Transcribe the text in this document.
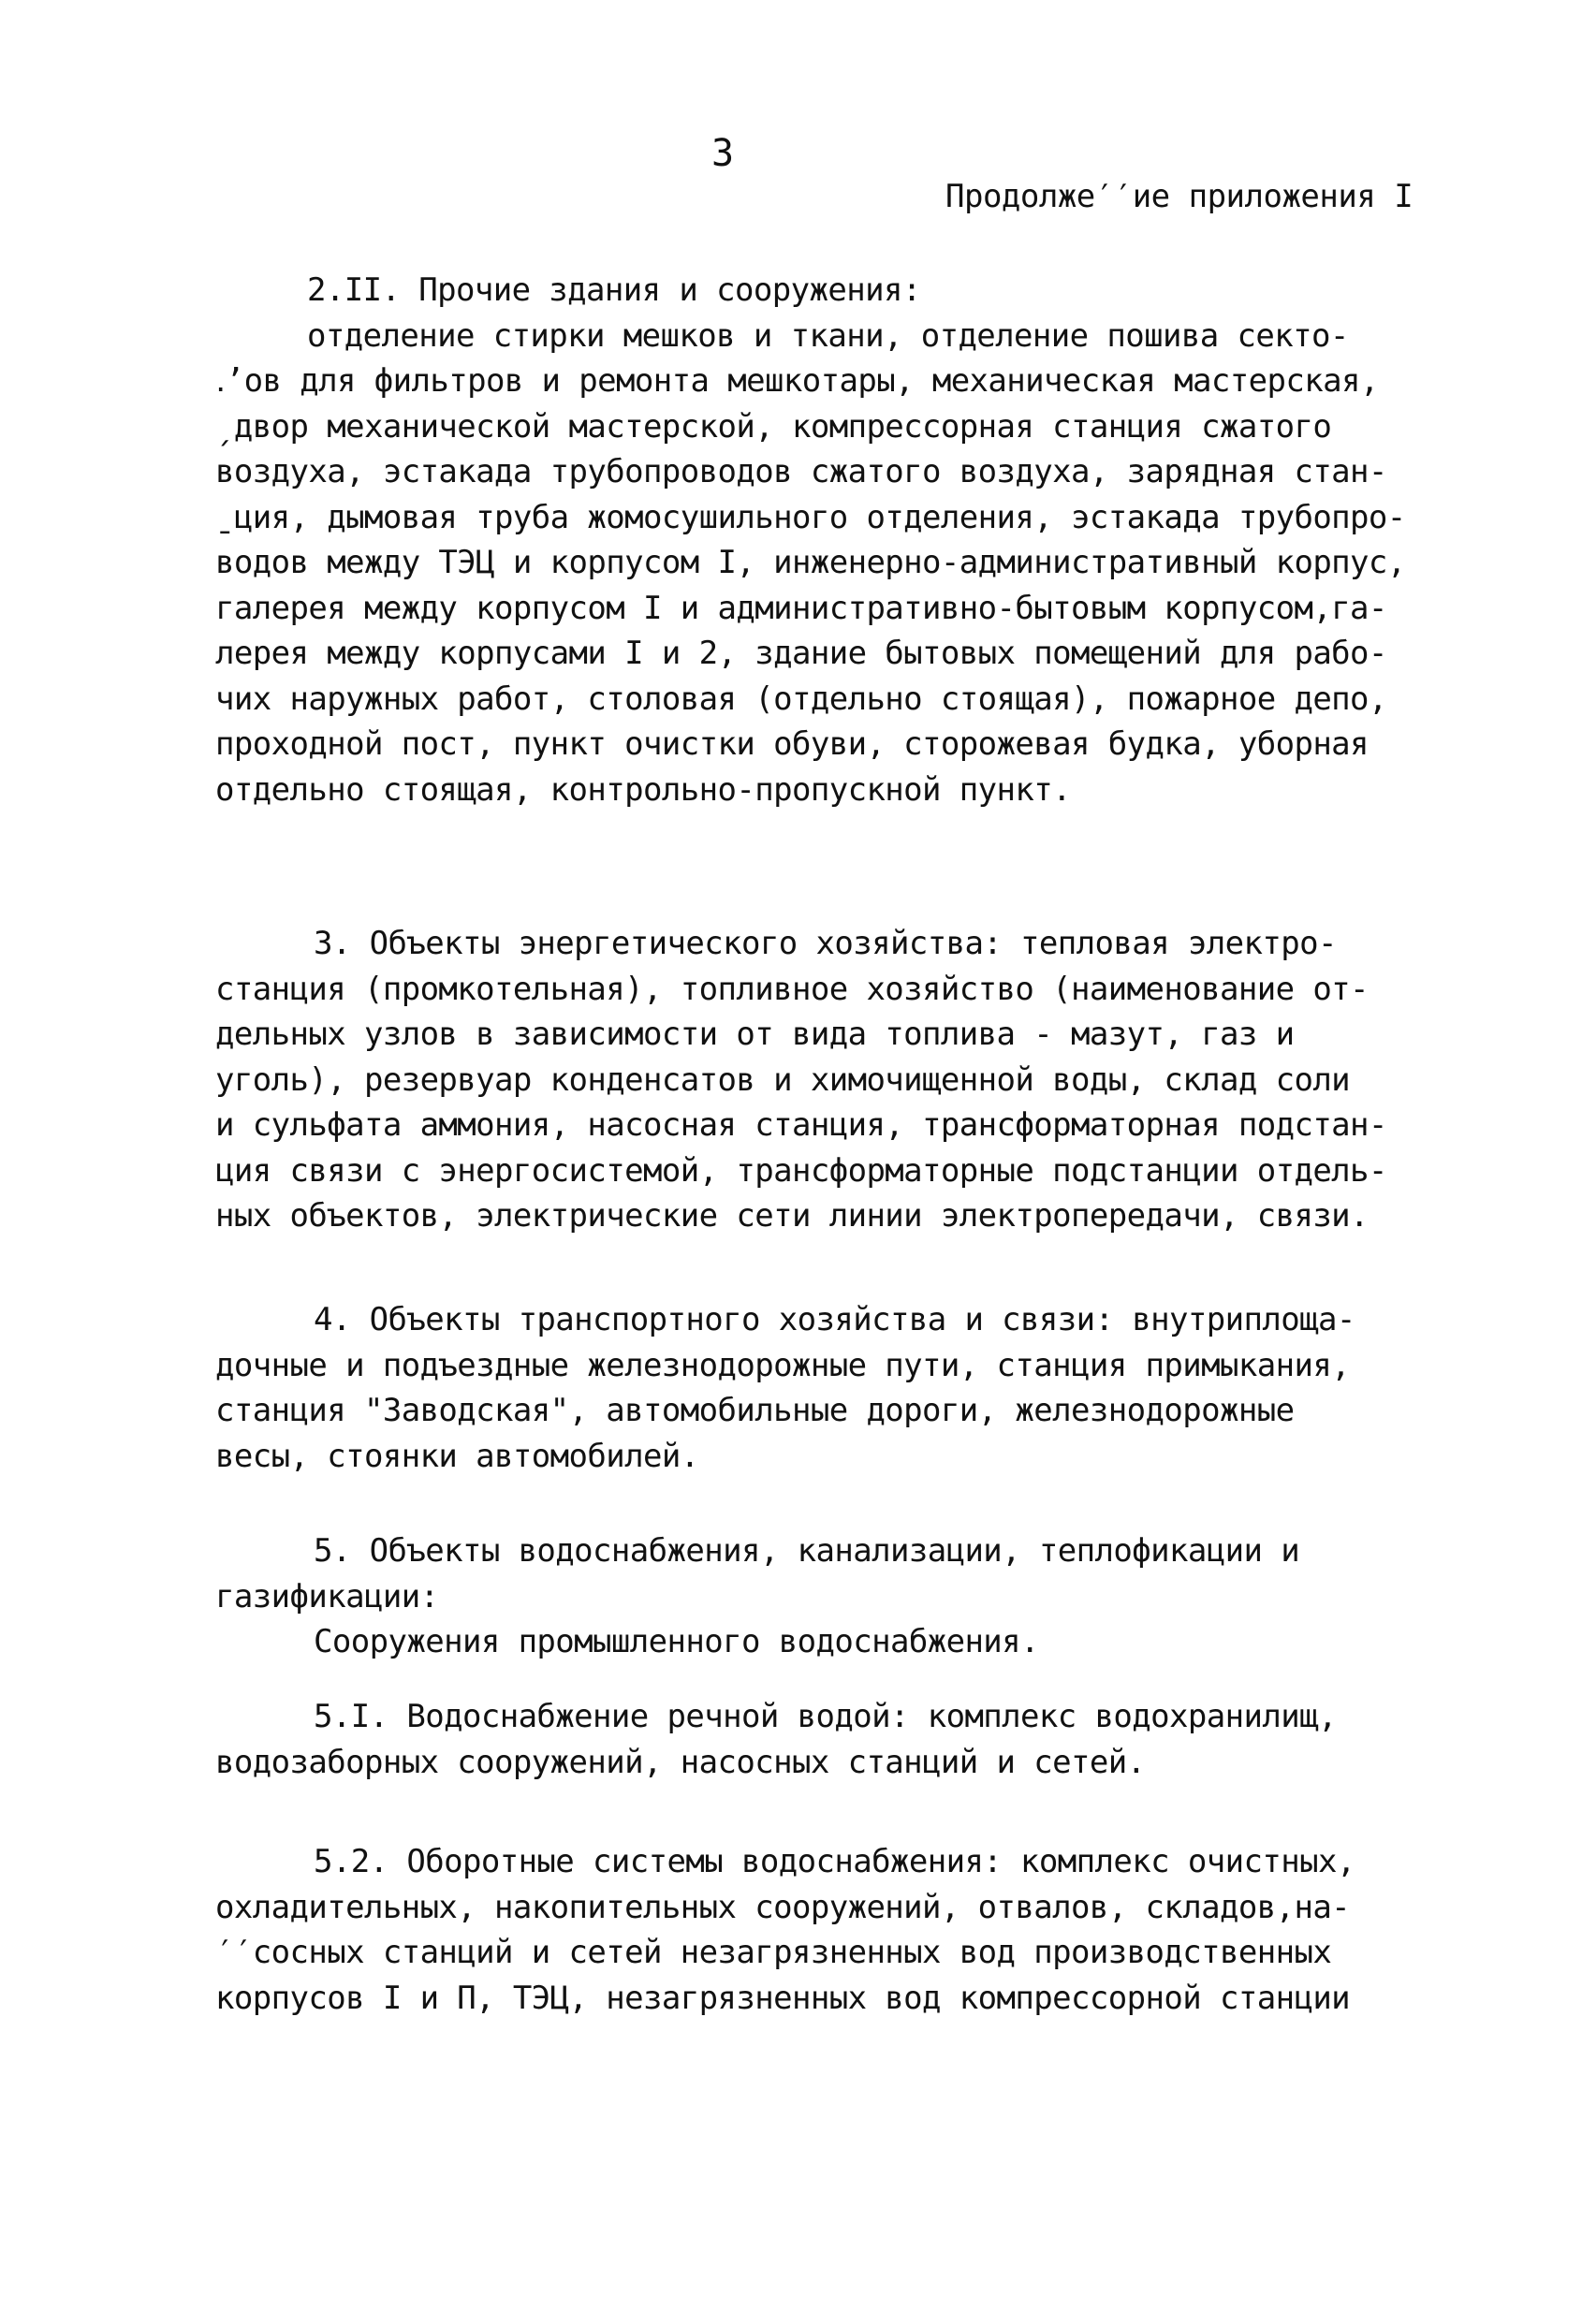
3
Продолже′′ие приложения I
2.II. Прочие здания и сооружения:
отделение стирки мешков и ткани, отделение пошива секто-
․’ов для фильтров и ремонта мешкотары, механическая мастерская,
ˏдвор механической мастерской, компрессорная станция сжатого
воздуха, эстакада трубопроводов сжатого воздуха, зарядная стан-
ˍция, дымовая труба жомосушильного отделения, эстакада трубопро-
водов между ТЭЦ и корпусом I, инженерно-административный корпус,
галерея между корпусом I и административно-бытовым корпусом,га-
лерея между корпусами I и 2, здание бытовых помещений для рабо-
чих наружных работ, столовая (отдельно стоящая), пожарное депо,
проходной пост, пункт очистки обуви, сторожевая будка, уборная
отдельно стоящая, контрольно-пропускной пункт.
3. Объекты энергетического хозяйства: тепловая электро-
станция (промкотельная), топливное хозяйство (наименование от-
дельных узлов в зависимости от вида топлива - мазут, газ и
уголь), резервуар конденсатов и химочищенной воды, склад соли
и сульфата аммония, насосная станция, трансформаторная подстан-
ция связи с энергосистемой, трансформаторные подстанции отдель-
ных объектов, электрические сети линии электропередачи, связи.
4. Объекты транспортного хозяйства и связи: внутриплоща-
дочные и подъездные железнодорожные пути, станция примыкания,
станция "Заводская", автомобильные дороги, железнодорожные
весы, стоянки автомобилей.
5. Объекты водоснабжения, канализации, теплофикации и
газификации:
Сооружения промышленного водоснабжения.
5.I. Водоснабжение речной водой: комплекс водохранилищ,
водозаборных сооружений, насосных станций и сетей.
5.2. Оборотные системы водоснабжения: комплекс очистных,
охладительных, накопительных сооружений, отвалов, складов,на-
′′сосных станций и сетей незагрязненных вод производственных
корпусов I и П, ТЭЦ, незагрязненных вод компрессорной станции
